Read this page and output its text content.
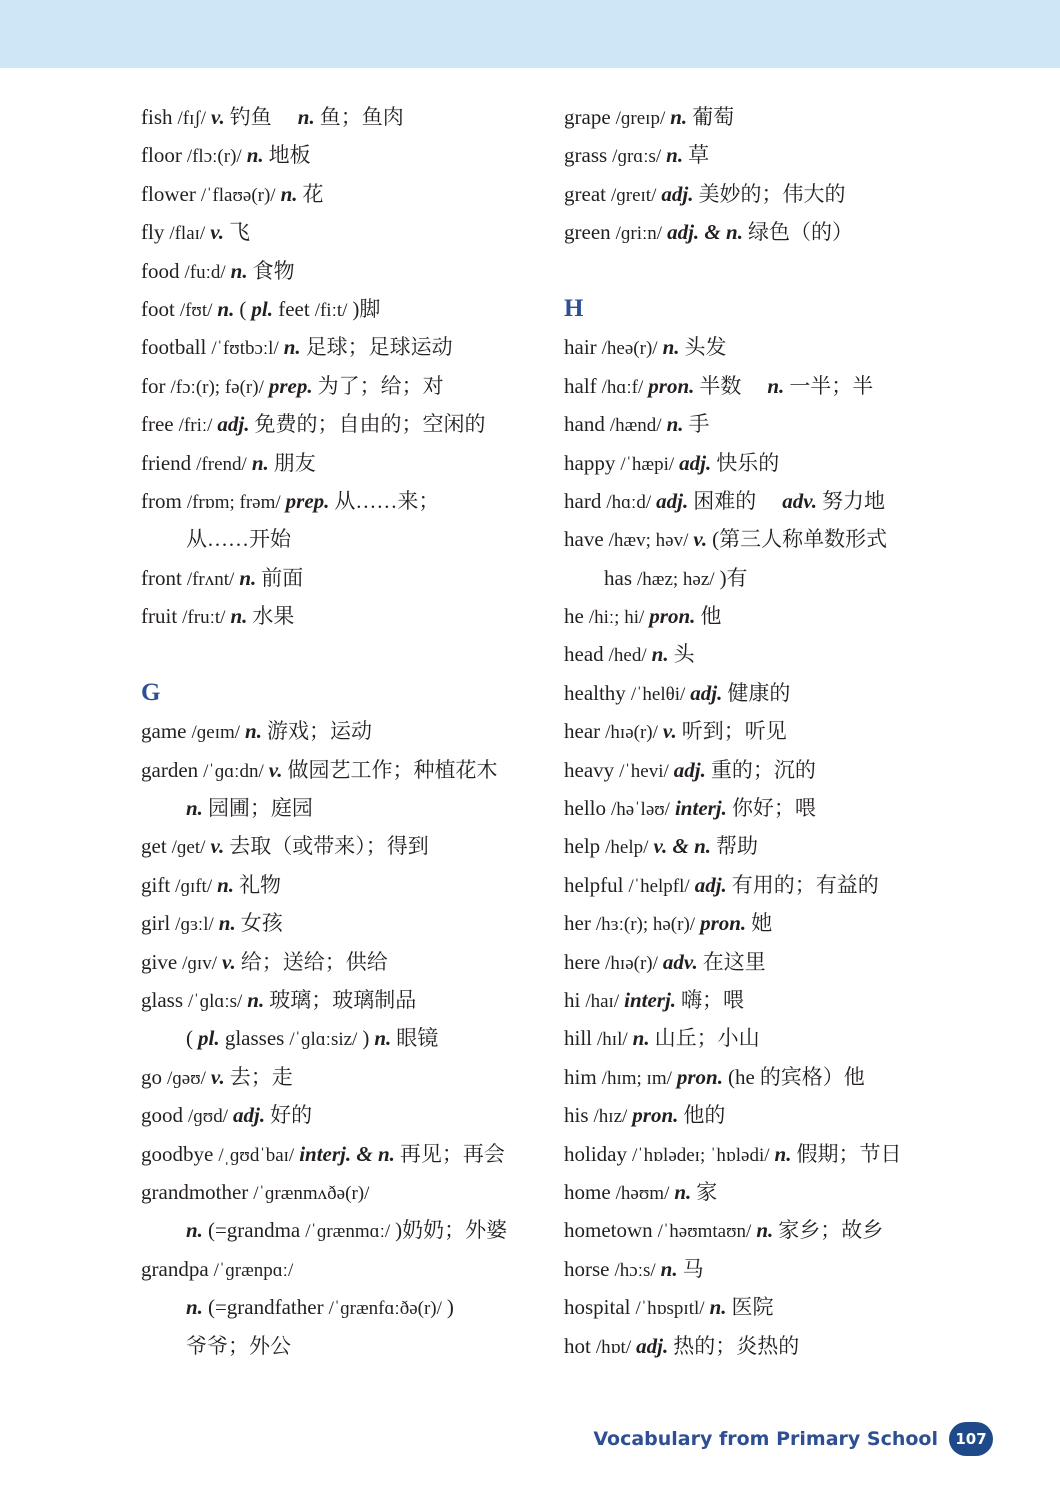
fish /fɪʃ/ v. 钓鱼　n. 鱼；鱼肉
floor /flɔː(r)/ n. 地板
flower /ˈflaʊə(r)/ n. 花
fly /flaɪ/ v. 飞
food /fuːd/ n. 食物
foot /fʊt/ n. ( pl. feet /fiːt/ )脚
football /ˈfʊtbɔːl/ n. 足球；足球运动
for /fɔː(r); fə(r)/ prep. 为了；给；对
free /friː/ adj. 免费的；自由的；空闲的
friend /frend/ n. 朋友
from /frɒm; frəm/ prep. 从……来；
从……开始
front /frʌnt/ n. 前面
fruit /fruːt/ n. 水果
G
game /ɡeɪm/ n. 游戏；运动
garden /ˈɡɑːdn/ v. 做园艺工作；种植花木
n. 园圃；庭园
get /ɡet/ v. 去取（或带来）；得到
gift /ɡɪft/ n. 礼物
girl /ɡɜːl/ n. 女孩
give /ɡɪv/ v. 给；送给；供给
glass /ˈɡlɑːs/ n. 玻璃；玻璃制品
( pl. glasses /ˈɡlɑːsiz/ ) n. 眼镜
go /ɡəʊ/ v. 去；走
good /ɡʊd/ adj. 好的
goodbye /ˌɡʊdˈbaɪ/ interj. & n. 再见；再会
grandmother /ˈɡrænmʌðə(r)/
n. (=grandma /ˈɡrænmɑː/ )奶奶；外婆
grandpa /ˈɡrænpɑː/
n. (=grandfather /ˈɡrænfɑːðə(r)/ )
爷爷；外公
grape /ɡreɪp/ n. 葡萄
grass /ɡrɑːs/ n. 草
great /ɡreɪt/ adj. 美妙的；伟大的
green /ɡriːn/ adj. & n. 绿色（的）
H
hair /heə(r)/ n. 头发
half /hɑːf/ pron. 半数　n. 一半；半
hand /hænd/ n. 手
happy /ˈhæpi/ adj. 快乐的
hard /hɑːd/ adj. 困难的　adv. 努力地
have /hæv; həv/ v. (第三人称单数形式
has /hæz; həz/ )有
he /hiː; hi/ pron. 他
head /hed/ n. 头
healthy /ˈhelθi/ adj. 健康的
hear /hɪə(r)/ v. 听到；听见
heavy /ˈhevi/ adj. 重的；沉的
hello /həˈləʊ/ interj. 你好；喂
help /help/ v. & n. 帮助
helpful /ˈhelpfl/ adj. 有用的；有益的
her /hɜː(r); hə(r)/ pron. 她
here /hɪə(r)/ adv. 在这里
hi /haɪ/ interj. 嗨；喂
hill /hɪl/ n. 山丘；小山
him /hɪm; ɪm/ pron. (he 的宾格）他
his /hɪz/ pron. 他的
holiday /ˈhɒlədeɪ; ˈhɒlədi/ n. 假期；节日
home /həʊm/ n. 家
hometown /ˈhəʊmtaʊn/ n. 家乡；故乡
horse /hɔːs/ n. 马
hospital /ˈhɒspɪtl/ n. 医院
hot /hɒt/ adj. 热的；炎热的
Vocabulary from Primary School	107
